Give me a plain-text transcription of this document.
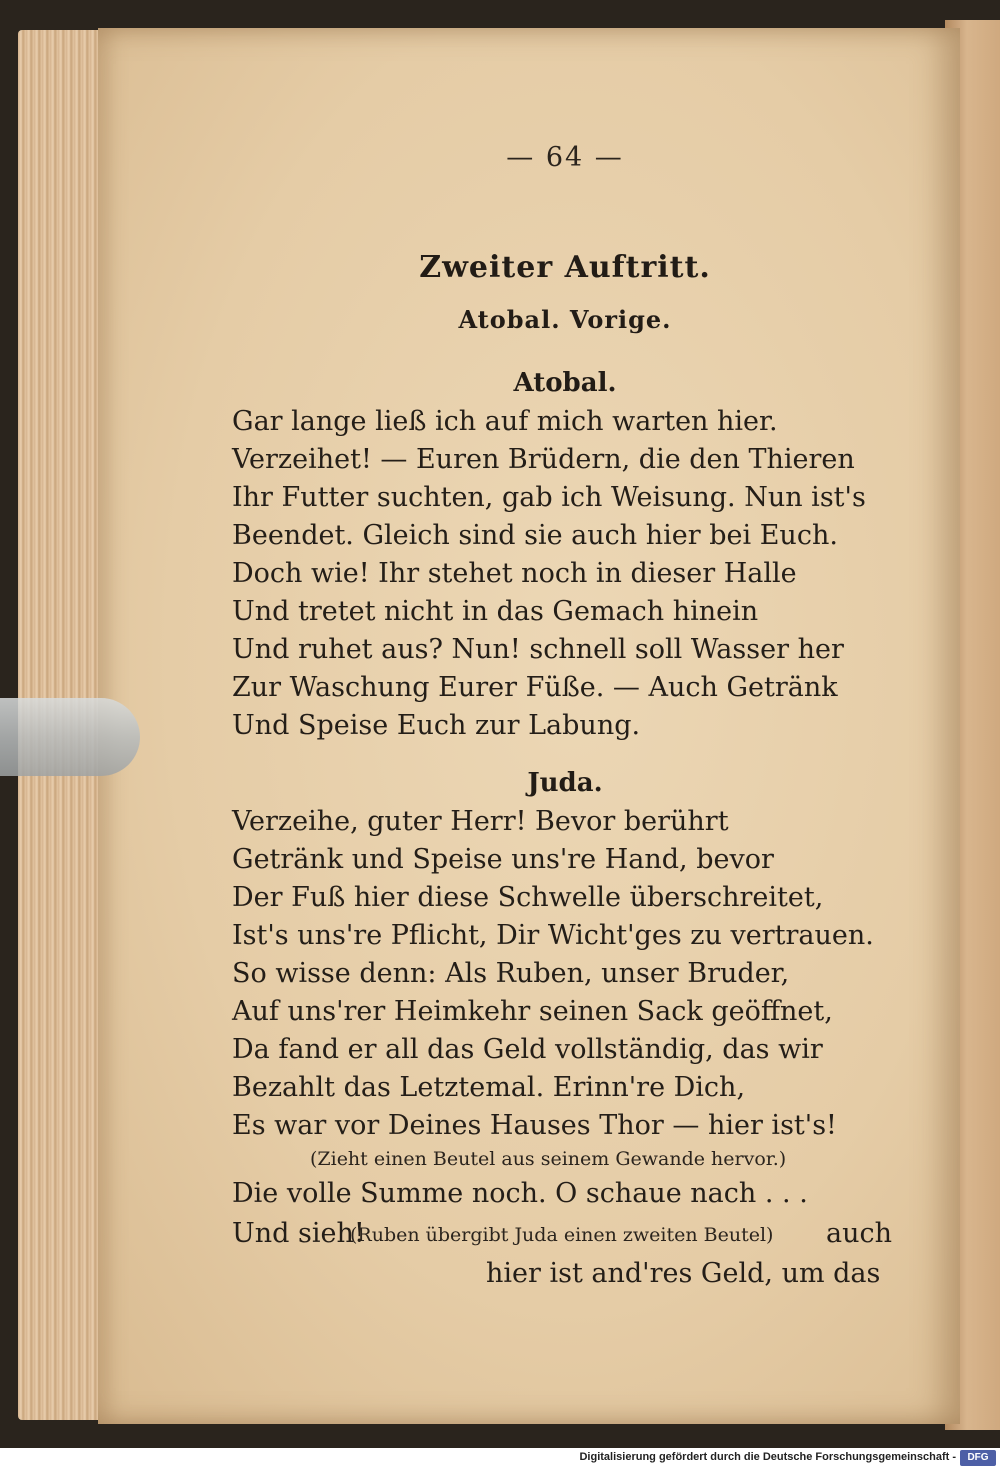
— 64 —
Zweiter Auftritt.
Atobal. Vorige.
Atobal.
Gar lange ließ ich auf mich warten hier.
Verzeihet! — Euren Brüdern, die den Thieren
Ihr Futter suchten, gab ich Weisung. Nun ist's
Beendet. Gleich sind sie auch hier bei Euch.
Doch wie! Ihr stehet noch in dieser Halle
Und tretet nicht in das Gemach hinein
Und ruhet aus? Nun! schnell soll Wasser her
Zur Waschung Eurer Füße. — Auch Getränk
Und Speise Euch zur Labung.
Juda.
Verzeihe, guter Herr! Bevor berührt
Getränk und Speise uns're Hand, bevor
Der Fuß hier diese Schwelle überschreitet,
Ist's uns're Pflicht, Dir Wicht'ges zu vertrauen.
So wisse denn: Als Ruben, unser Bruder,
Auf uns'rer Heimkehr seinen Sack geöffnet,
Da fand er all das Geld vollständig, das wir
Bezahlt das Letztemal. Erinn're Dich,
Es war vor Deines Hauses Thor — hier ist's!
(Zieht einen Beutel aus seinem Gewande hervor.)
Die volle Summe noch. O schaue nach . . .
Und sieh!
(Ruben übergibt Juda einen zweiten Beutel) auch
hier ist and'res Geld, um das
Digitalisierung gefördert durch die Deutsche Forschungsgemeinschaft -	DFG
